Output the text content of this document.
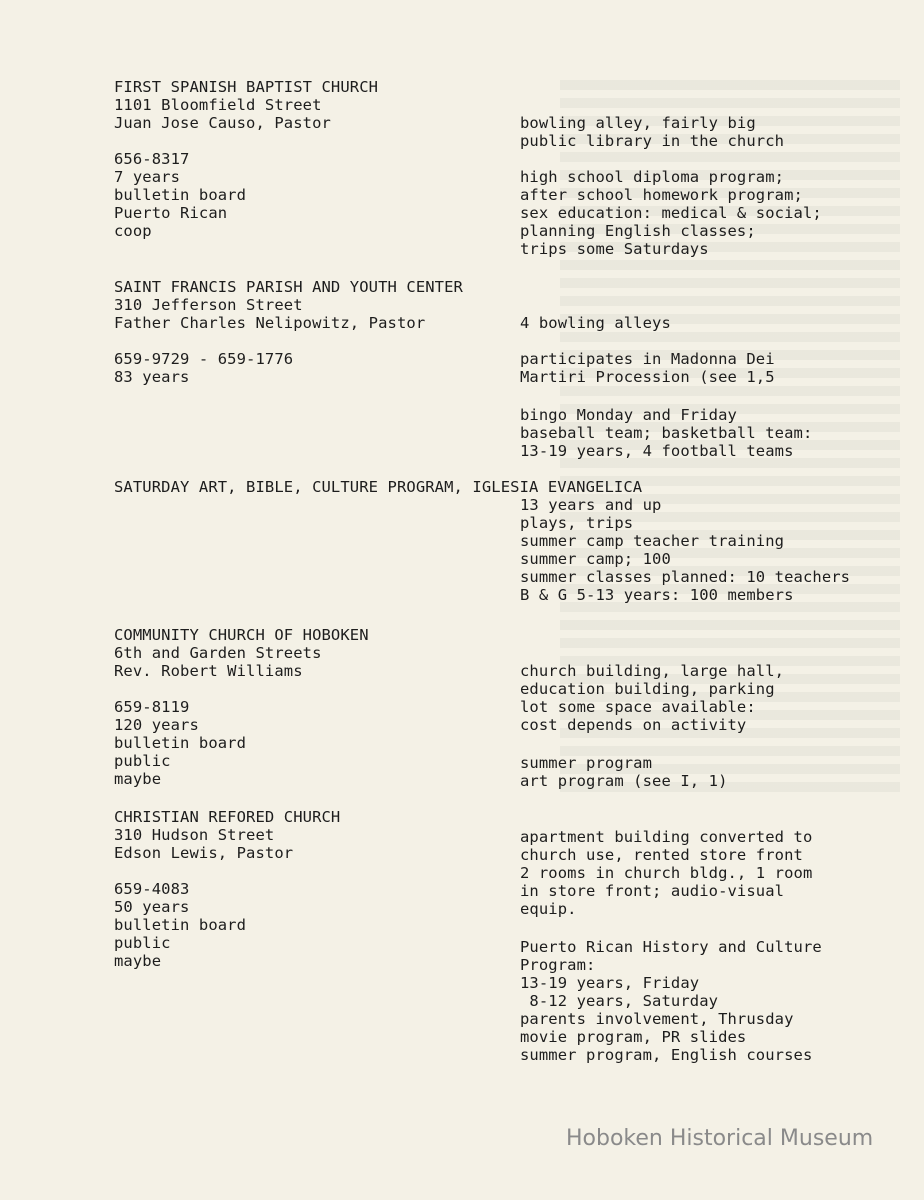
FIRST SPANISH BAPTIST CHURCH
1101 Bloomfield Street
Juan Jose Causo, Pastor
656-8317
7 years
bulletin board
Puerto Rican
coop
SAINT FRANCIS PARISH AND YOUTH CENTER
310 Jefferson Street
Father Charles Nelipowitz, Pastor
659-9729 - 659-1776
83 years
SATURDAY ART, BIBLE, CULTURE PROGRAM, IGLESIA EVANGELICA
COMMUNITY CHURCH OF HOBOKEN
6th and Garden Streets
Rev. Robert Williams
659-8119
120 years
bulletin board
public
maybe
CHRISTIAN REFORED CHURCH
310 Hudson Street
Edson Lewis, Pastor
659-4083
50 years
bulletin board
public
maybe
bowling alley, fairly big
public library in the church
high school diploma program;
after school homework program;
sex education: medical & social;
planning English classes;
trips some Saturdays
4 bowling alleys
participates in Madonna Dei
Martiri Procession (see 1,5
bingo Monday and Friday
baseball team; basketball team:
13-19 years, 4 football teams
13 years and up
plays, trips
summer camp teacher training
summer camp; 100
summer classes planned: 10 teachers
B & G 5-13 years: 100 members
church building, large hall,
education building, parking
lot some space available:
cost depends on activity
summer program
art program (see I, 1)
apartment building converted to
church use, rented store front
2 rooms in church bldg., 1 room
in store front; audio-visual
equip.
Puerto Rican History and Culture
Program:
13-19 years, Friday
8-12 years, Saturday
parents involvement, Thrusday
movie program, PR slides
summer program, English courses
Hoboken Historical Museum
